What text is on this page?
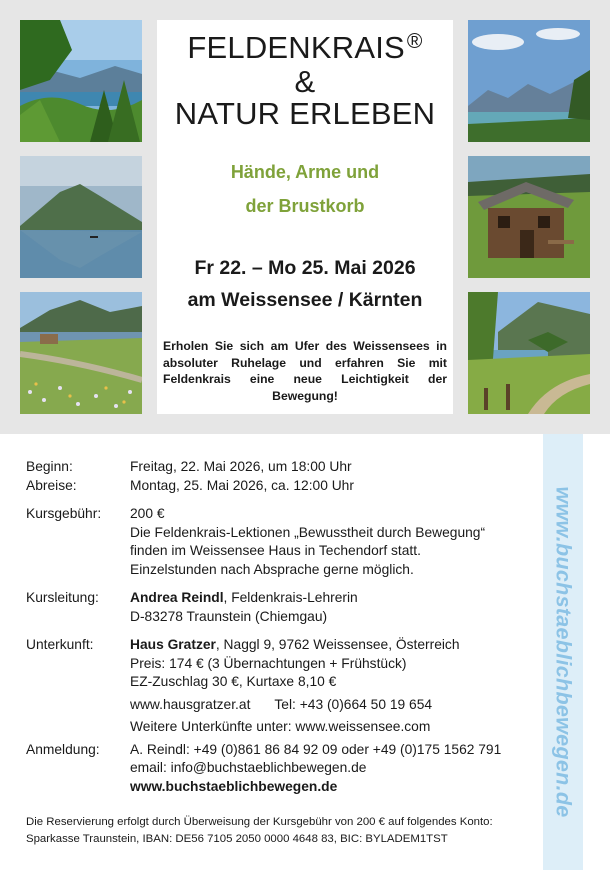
FELDENKRAIS®
&
NATUR ERLEBEN
Hände, Arme und
der Brustkorb
Fr 22. – Mo 25. Mai 2026
am Weissensee / Kärnten
Erholen Sie sich am Ufer des Weissensees in absoluter Ruhelage und erfahren Sie mit Feldenkrais eine neue Leichtigkeit der Bewegung!
www.buchstaeblichbewegen.de
Beginn:	Freitag, 22. Mai 2026, um 18:00 Uhr
Abreise:	Montag, 25. Mai 2026, ca. 12:00 Uhr
Kursgebühr:	200 €
Die Feldenkrais-Lektionen „Bewusstheit durch Bewegung“
finden im Weissensee Haus in Techendorf statt.
Einzelstunden nach Absprache gerne möglich.
Kursleitung:	Andrea Reindl, Feldenkrais-Lehrerin
D-83278 Traunstein (Chiemgau)
Unterkunft:	Haus Gratzer, Naggl 9, 9762 Weissensee, Österreich
Preis: 174 € (3 Übernachtungen + Frühstück)
EZ-Zuschlag 30 €, Kurtaxe 8,10 €
www.hausgratzer.at Tel: +43 (0)664 50 19 654
Weitere Unterkünfte unter: www.weissensee.com
Anmeldung:	A. Reindl: +49 (0)861 86 84 92 09 oder +49 (0)175 1562 791
email: info@buchstaeblichbewegen.de
www.buchstaeblichbewegen.de
Die Reservierung erfolgt durch Überweisung der Kursgebühr von 200 € auf folgendes Konto:
Sparkasse Traunstein, IBAN: DE56 7105 2050 0000 4648 83, BIC: BYLADEM1TST
